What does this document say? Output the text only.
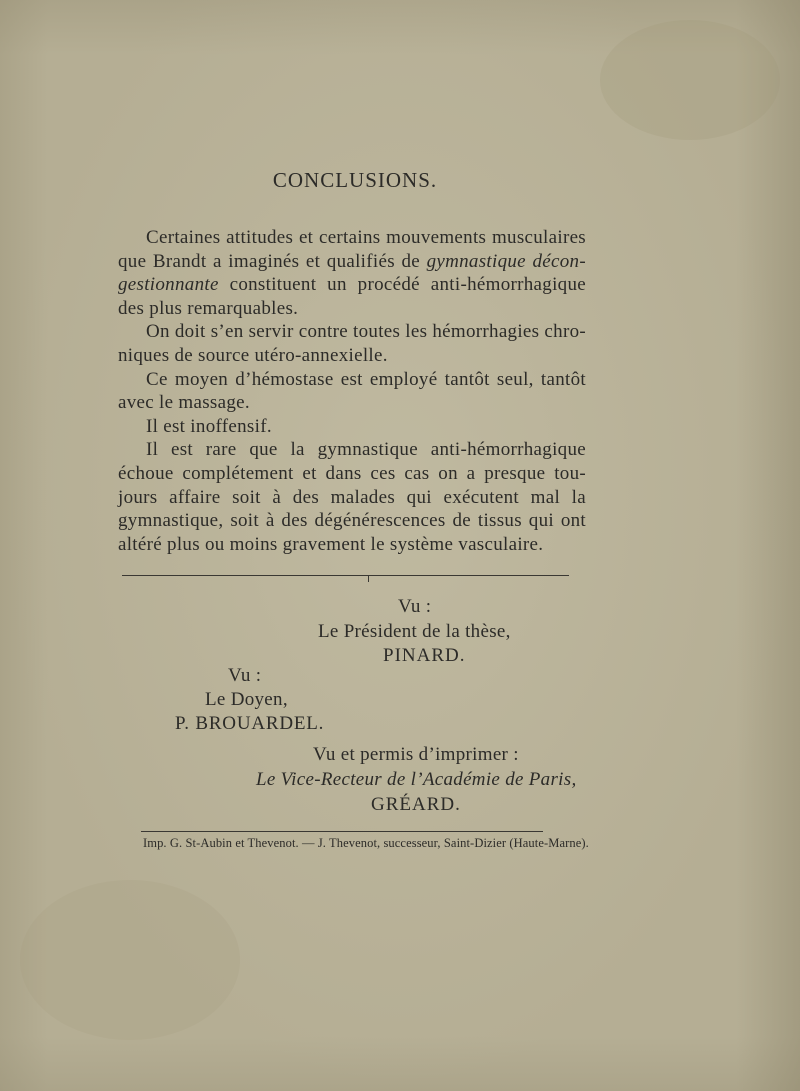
CONCLUSIONS.

Certaines attitudes et certains mouvements musculaires que Brandt a imaginés et qualifiés de gymnastique décon-gestionnante constituent un procédé anti-hémorrhagique des plus remarquables.

On doit s’en servir contre toutes les hémorrhagies chro-niques de source utéro-annexielle.

Ce moyen d’hémostase est employé tantôt seul, tantôt avec le massage.

Il est inoffensif.

Il est rare que la gymnastique anti-hémorrhagique échoue complétement et dans ces cas on a presque tou-jours affaire soit à des malades qui exécutent mal la gymnastique, soit à des dégénérescences de tissus qui ont altéré plus ou moins gravement le système vasculaire.

Vu :
Le Président de la thèse,
PINARD.
Vu :
Le Doyen,
P. BROUARDEL.
Vu et permis d’imprimer :
Le Vice-Recteur de l’Académie de Paris,
GRÉARD.
Imp. G. St-Aubin et Thevenot. — J. Thevenot, successeur, Saint-Dizier (Haute-Marne).
